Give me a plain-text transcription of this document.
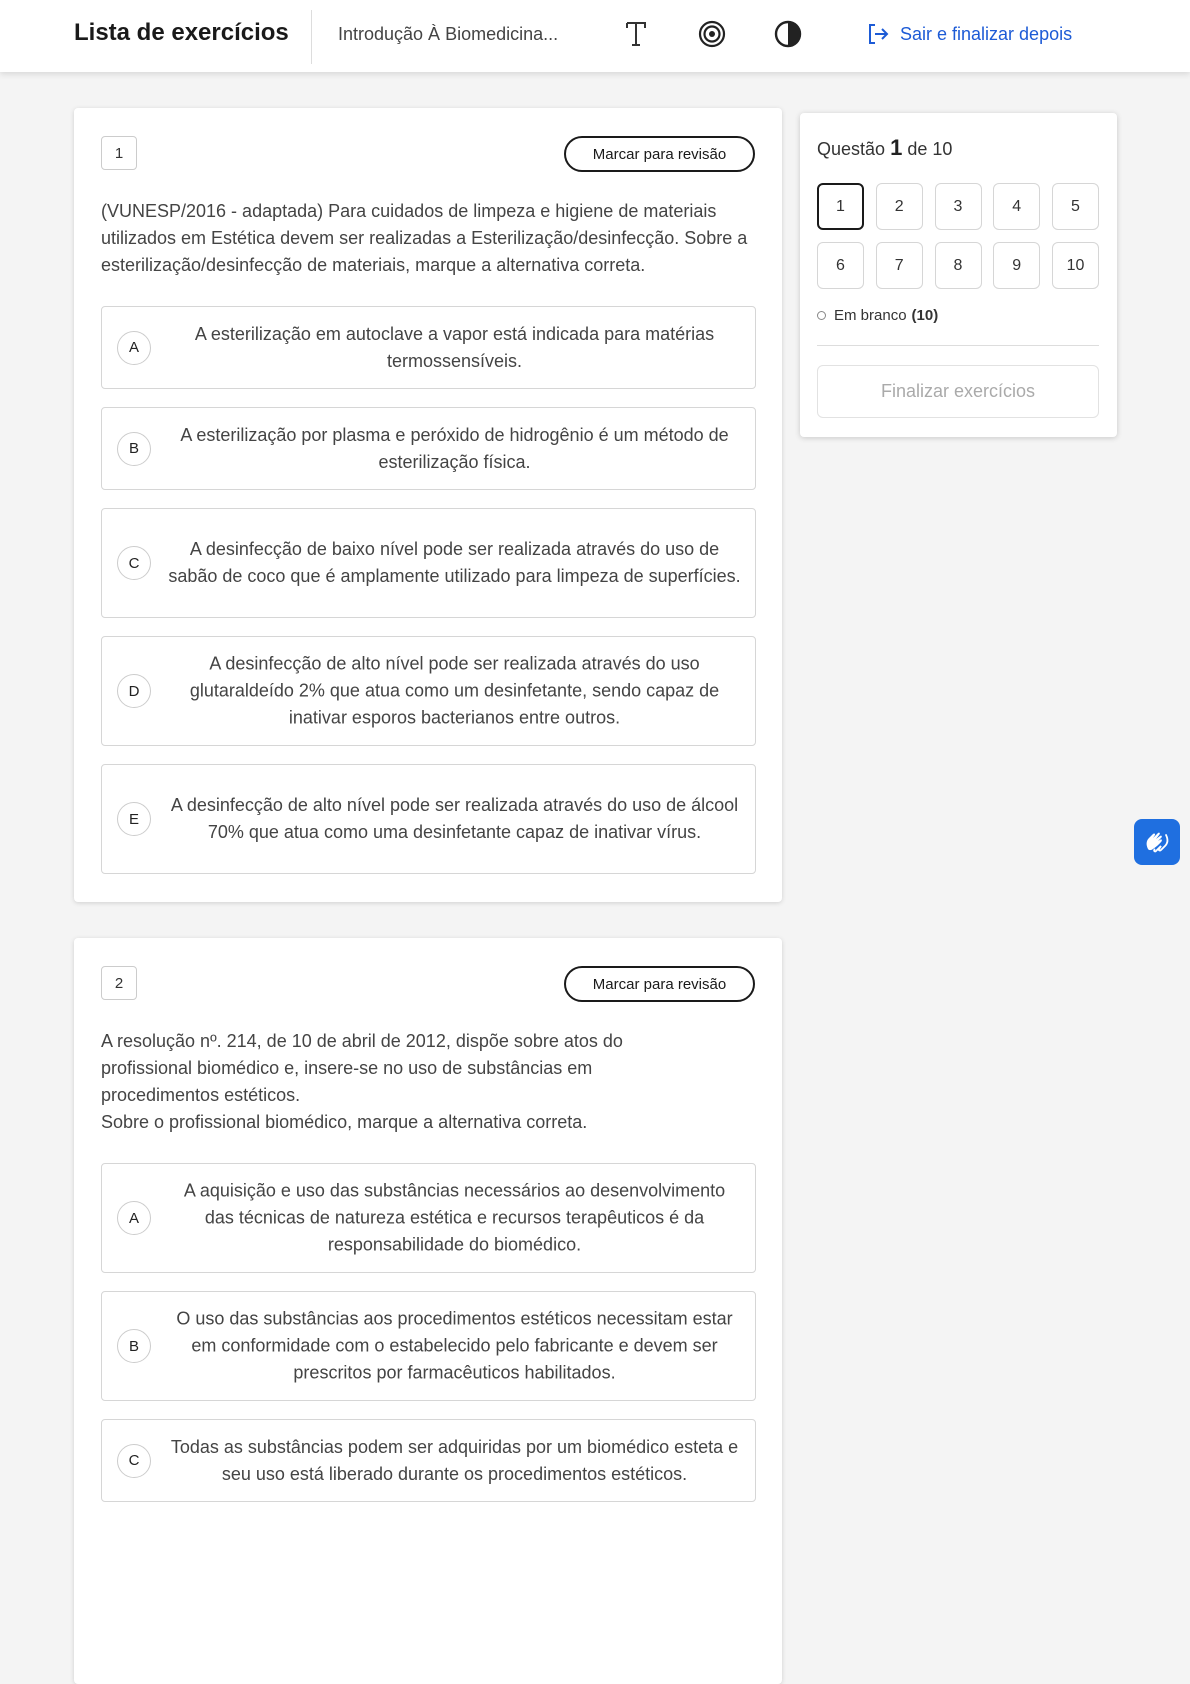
Lista de exercícios	Introdução À Biomedicina...	Sair e finalizar depois
1	Marcar para revisão

(VUNESP/2016 - adaptada) Para cuidados de limpeza e higiene de materiais utilizados em Estética devem ser realizadas a Esterilização/desinfecção. Sobre a esterilização/desinfecção de materiais, marque a alternativa correta.

A
A esterilização em autoclave a vapor está indicada para matérias termossensíveis.
B
A esterilização por plasma e peróxido de hidrogênio é um método de esterilização física.
C
A desinfecção de baixo nível pode ser realizada através do uso de sabão de coco que é amplamente utilizado para limpeza de superfícies.
D
A desinfecção de alto nível pode ser realizada através do uso glutaraldeído 2% que atua como um desinfetante, sendo capaz de inativar esporos bacterianos entre outros.
E
A desinfecção de alto nível pode ser realizada através do uso de álcool 70% que atua como uma desinfetante capaz de inativar vírus.
2	Marcar para revisão

A resolução nº. 214, de 10 de abril de 2012, dispõe sobre atos do profissional biomédico e, insere-se no uso de substâncias em procedimentos estéticos.

Sobre o profissional biomédico, marque a alternativa correta.

A
A aquisição e uso das substâncias necessários ao desenvolvimento das técnicas de natureza estética e recursos terapêuticos é da responsabilidade do biomédico.
B
O uso das substâncias aos procedimentos estéticos necessitam estar em conformidade com o estabelecido pelo fabricante e devem ser prescritos por farmacêuticos habilitados.
C
Todas as substâncias podem ser adquiridas por um biomédico esteta e seu uso está liberado durante os procedimentos estéticos.
Questão 1 de 10
1	2	3	4	5
6	7	8	9	10
Em branco (10)
Finalizar exercícios
